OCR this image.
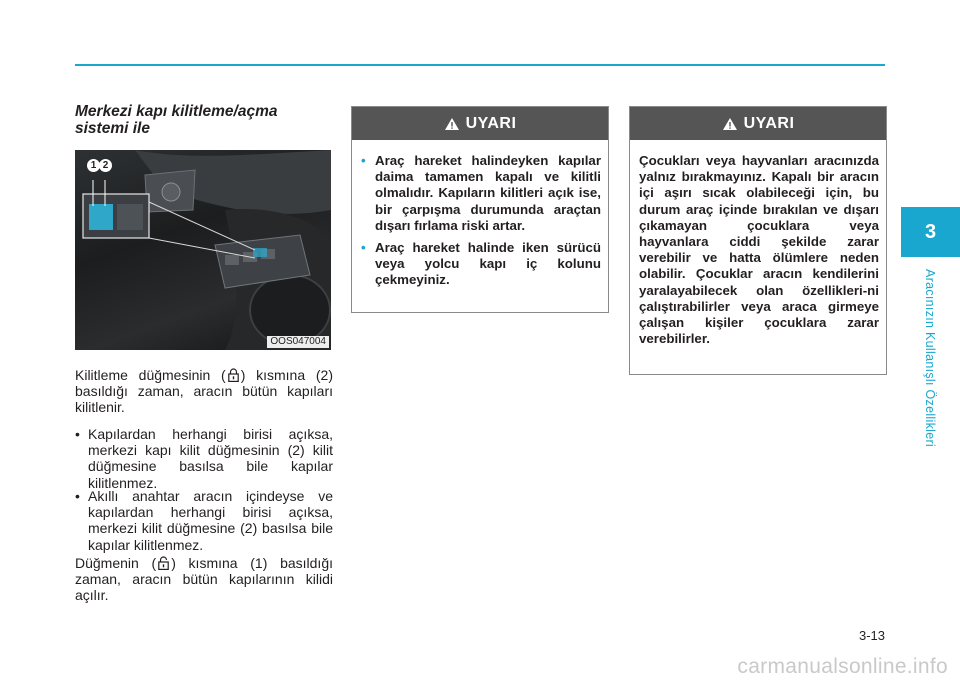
Merkezi kapı kilitleme/açma sistemi ile
1 2
OOS047004
Kilitleme düğmesinin ( ) kısmına (2) basıldığı zaman, aracın bütün kapıları kilitlenir.
• Kapılardan herhangi birisi açıksa, merkezi kapı kilit düğmesinin (2) kilit düğmesine basılsa bile kapılar kilitlenmez.
• Akıllı anahtar aracın içindeyse ve kapılardan herhangi birisi açıksa, merkezi kilit düğmesine (2) basılsa bile kapılar kilitlenmez.
Düğmenin ( ) kısmına (1) basıldığı zaman, aracın bütün kapılarının kilidi açılır.
UYARI
• Araç hareket halindeyken kapılar daima tamamen kapalı ve kilitli olmalıdır. Kapıların kilitleri açık ise, bir çarpışma durumunda araçtan dışarı fırlama riski artar.
• Araç hareket halinde iken sürücü veya yolcu kapı iç kolunu çekmeyiniz.
UYARI
Çocukları veya hayvanları aracınızda yalnız bırakmayınız. Kapalı bir aracın içi aşırı sıcak olabileceği için, bu durum araç içinde bırakılan ve dışarı çıkamayan çocuklara veya hayvanlara ciddi şekilde zarar verebilir ve hatta ölümlere neden olabilir. Çocuklar aracın kendilerini yaralayabilecek olan özellikleri-ni çalıştırabilirler veya araca girmeye çalışan kişiler çocuklara zarar verebilirler.
3
Aracınızın Kullanışlı Özellikleri
3-13
carmanualsonline.info
